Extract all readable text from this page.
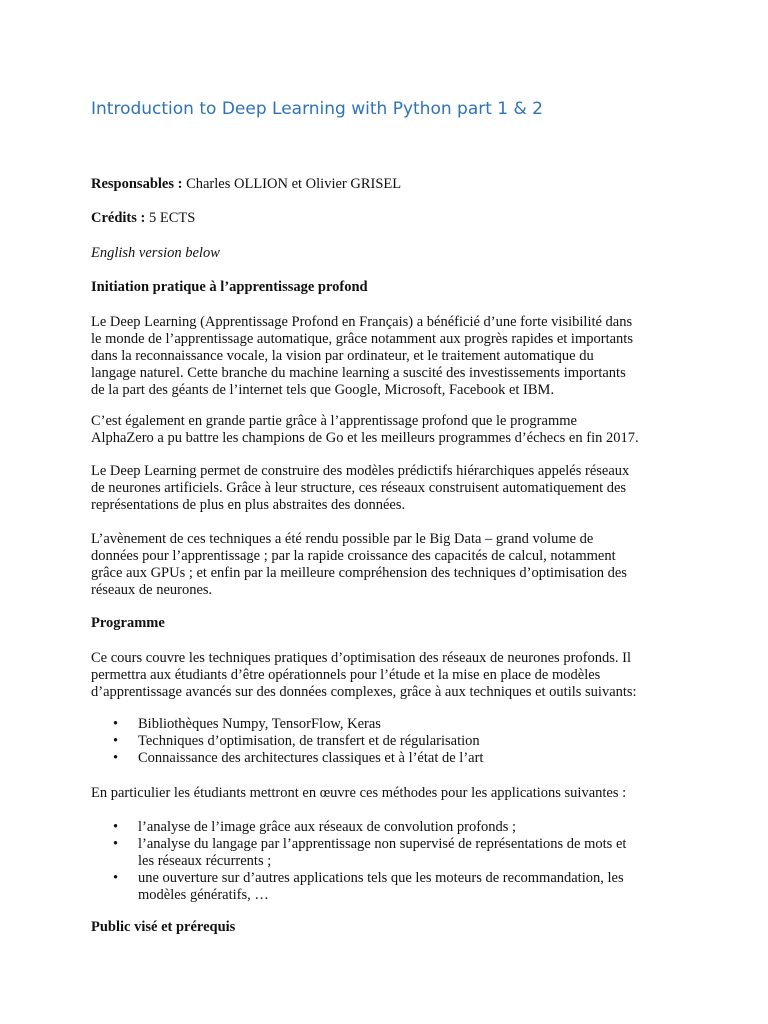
Introduction to Deep Learning with Python part 1 & 2

Responsables : Charles OLLION et Olivier GRISEL

Crédits : 5 ECTS

English version below

Initiation pratique à l’apprentissage profond

Le Deep Learning (Apprentissage Profond en Français) a bénéficié d’une forte visibilité dans
le monde de l’apprentissage automatique, grâce notamment aux progrès rapides et importants
dans la reconnaissance vocale, la vision par ordinateur, et le traitement automatique du
langage naturel. Cette branche du machine learning a suscité des investissements importants
de la part des géants de l’internet tels que Google, Microsoft, Facebook et IBM.
C’est également en grande partie grâce à l’apprentissage profond que le programme
AlphaZero a pu battre les champions de Go et les meilleurs programmes d’échecs en fin 2017.
Le Deep Learning permet de construire des modèles prédictifs hiérarchiques appelés réseaux
de neurones artificiels. Grâce à leur structure, ces réseaux construisent automatiquement des
représentations de plus en plus abstraites des données.
L’avènement de ces techniques a été rendu possible par le Big Data – grand volume de
données pour l’apprentissage ; par la rapide croissance des capacités de calcul, notamment
grâce aux GPUs ; et enfin par la meilleure compréhension des techniques d’optimisation des
réseaux de neurones.

Programme

Ce cours couvre les techniques pratiques d’optimisation des réseaux de neurones profonds. Il
permettra aux étudiants d’être opérationnels pour l’étude et la mise en place de modèles
d’apprentissage avancés sur des données complexes, grâce à aux techniques et outils suivants:
• Bibliothèques Numpy, TensorFlow, Keras
• Techniques d’optimisation, de transfert et de régularisation
• Connaissance des architectures classiques et à l’état de l’art

En particulier les étudiants mettront en œuvre ces méthodes pour les applications suivantes :

• l’analyse de l’image grâce aux réseaux de convolution profonds ;
• l’analyse du langage par l’apprentissage non supervisé de représentations de mots et
les réseaux récurrents ;
• une ouverture sur d’autres applications tels que les moteurs de recommandation, les
modèles génératifs, …

Public visé et prérequis
